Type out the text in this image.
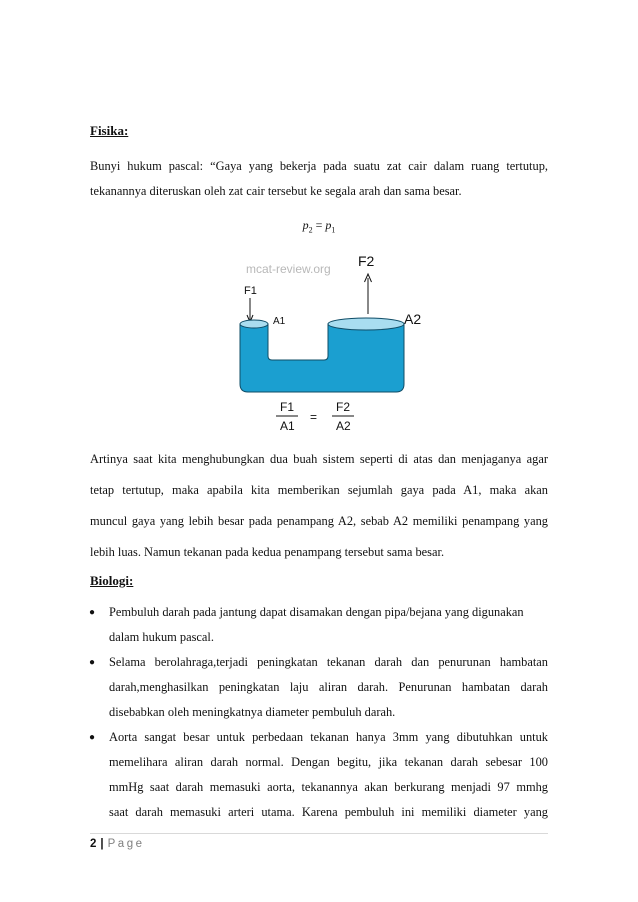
Fisika:
Bunyi hukum pascal: “Gaya yang bekerja pada suatu zat cair dalam ruang tertutup,
tekanannya diteruskan oleh zat cair tersebut ke segala arah dan sama besar.
$p_2 = p_1$
mcat-review.org F2
F1
A1	A2
F1
A1
=
F2
A2
Artinya saat kita menghubungkan dua buah sistem seperti di atas dan menjaganya agar
tetap tertutup, maka apabila kita memberikan sejumlah gaya pada A1, maka akan
muncul gaya yang lebih besar pada penampang A2, sebab A2 memiliki penampang yang
lebih luas. Namun tekanan pada kedua penampang tersebut sama besar.
Biologi:
● Pembuluh darah pada jantung dapat disamakan dengan pipa/bejana yang digunakan
dalam hukum pascal.
● Selama berolahraga,terjadi peningkatan tekanan darah dan penurunan hambatan
darah,menghasilkan peningkatan laju aliran darah. Penurunan hambatan darah
disebabkan oleh meningkatnya diameter pembuluh darah.
● Aorta sangat besar untuk perbedaan tekanan hanya 3mm yang dibutuhkan untuk
memelihara aliran darah normal. Dengan begitu, jika tekanan darah sebesar 100
mmHg saat darah memasuki aorta, tekanannya akan berkurang menjadi 97 mmhg
saat darah memasuki arteri utama. Karena pembuluh ini memiliki diameter yang
2 | Page
